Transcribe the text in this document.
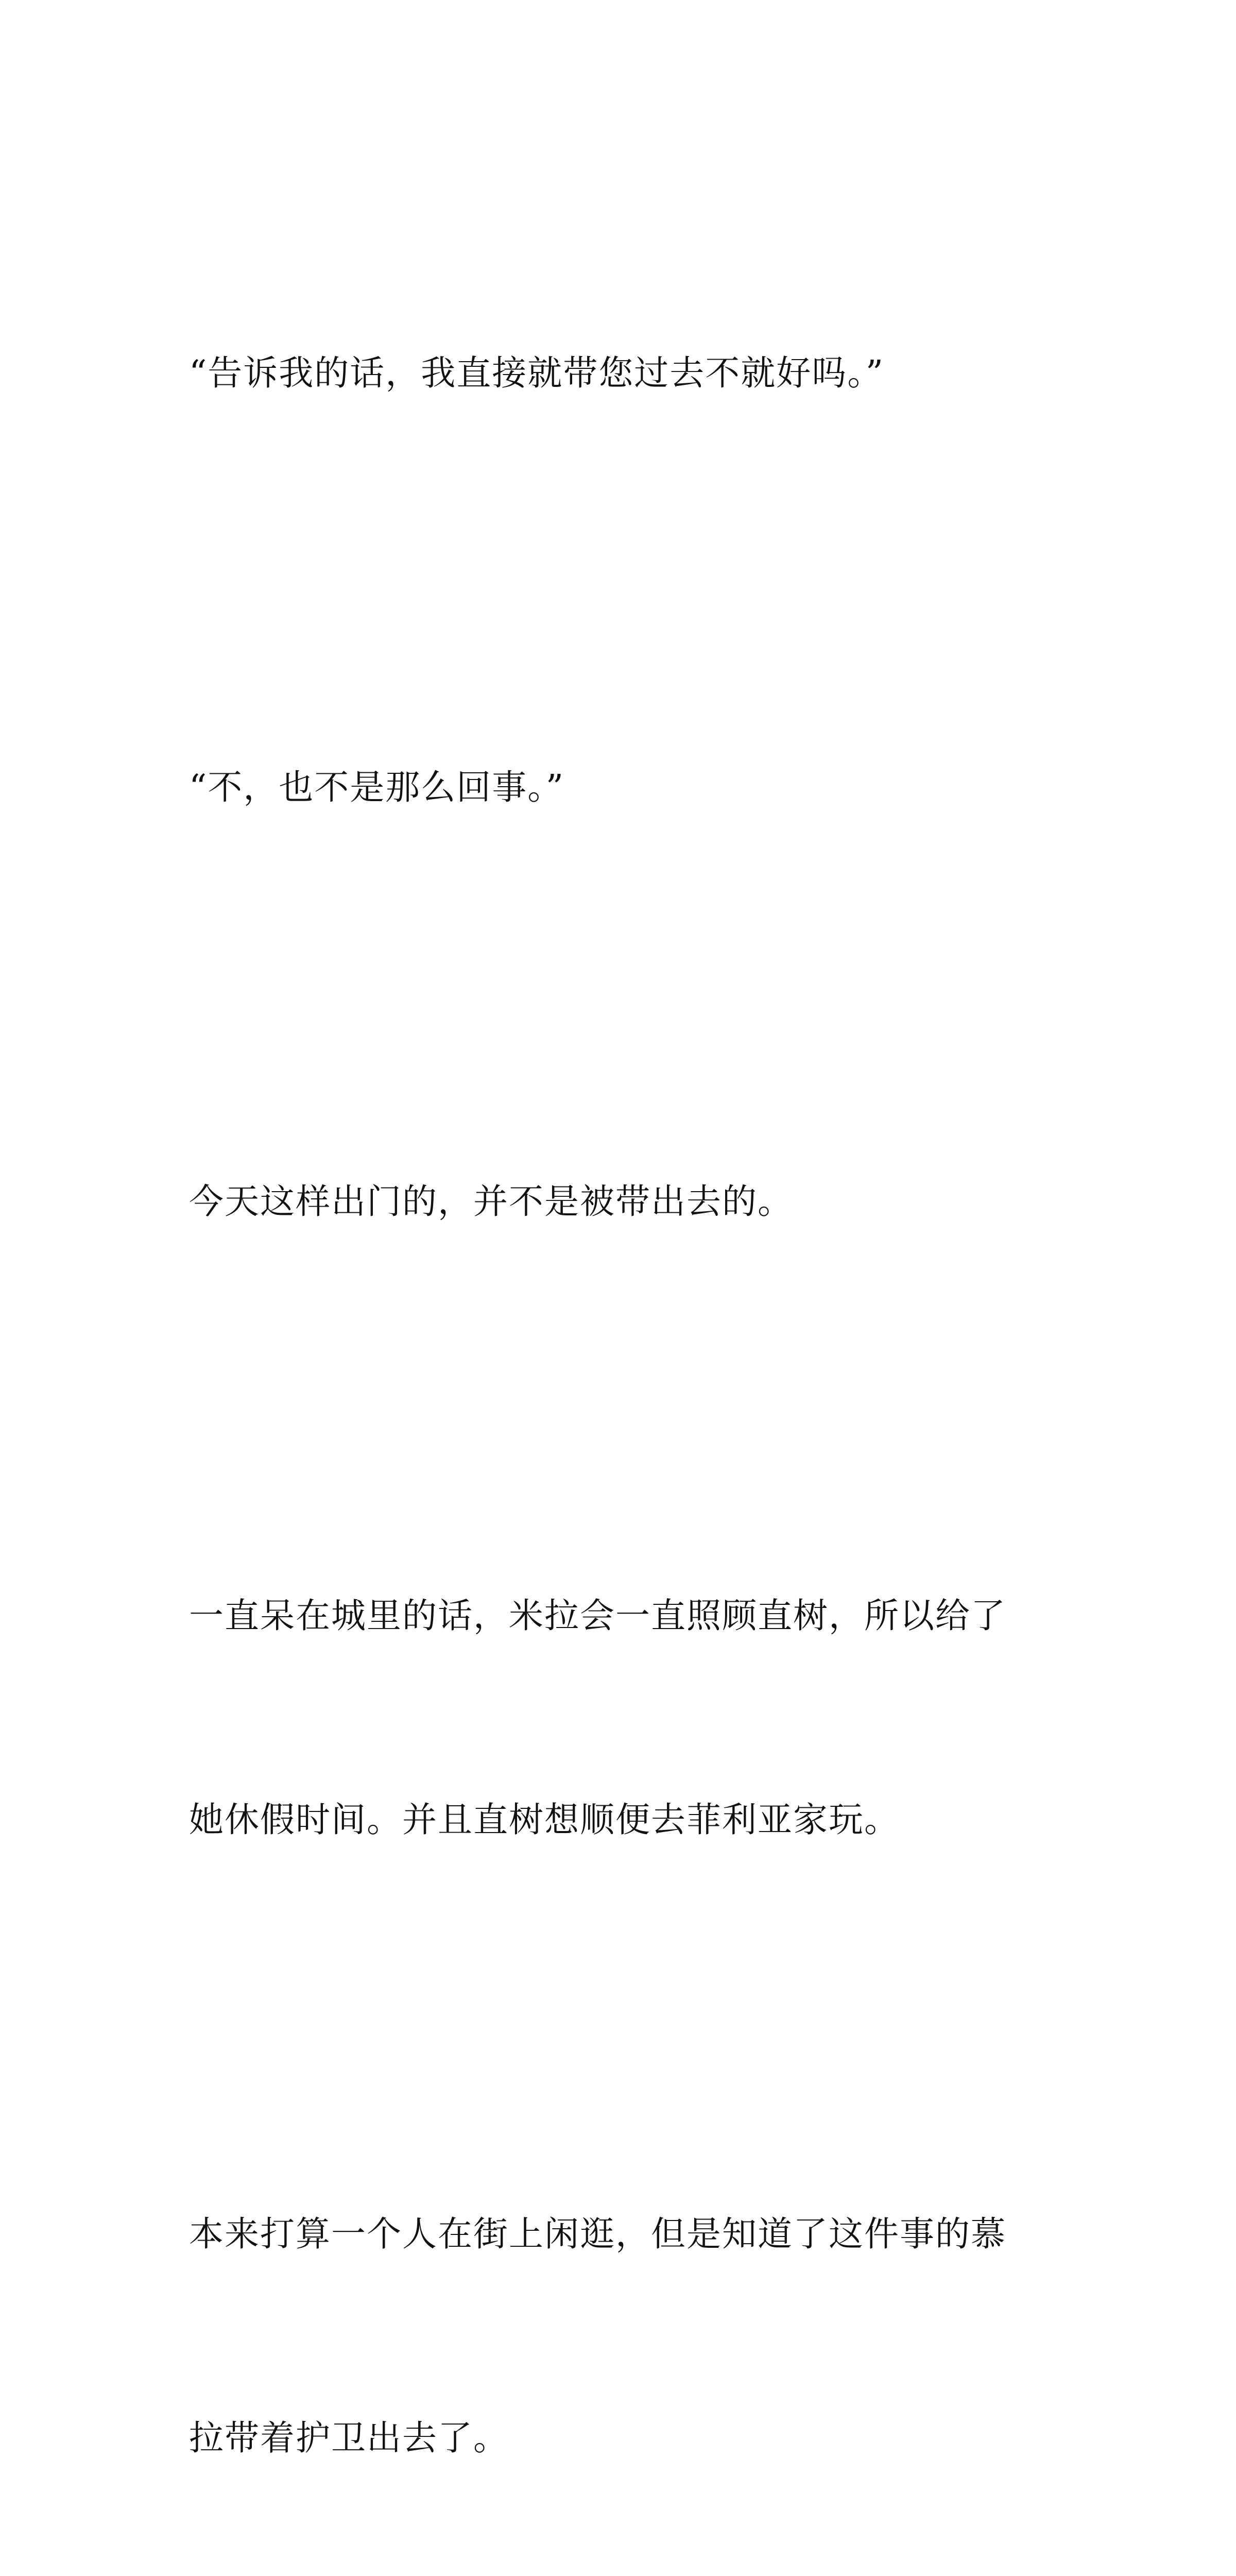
“告诉我的话，我直接就带您过去不就好吗。”

“不，也不是那么回事。”

今天这样出门的，并不是被带出去的。

一直呆在城里的话，米拉会一直照顾直树，所以给了

她休假时间。并且直树想顺便去菲利亚家玩。

本来打算一个人在街上闲逛，但是知道了这件事的慕

拉带着护卫出去了。
